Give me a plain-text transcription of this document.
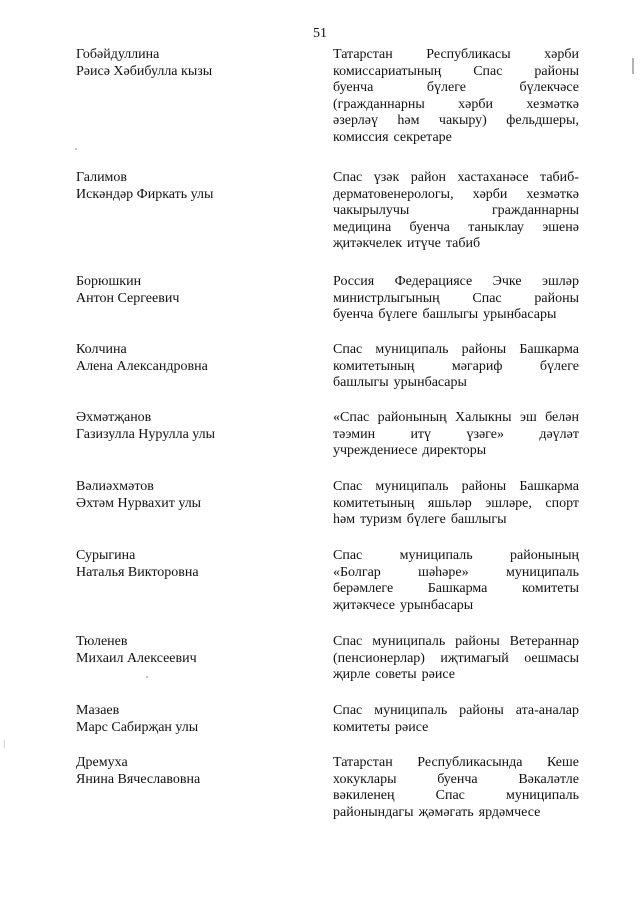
51
Гобәйдуллина
Рәисә Хәбибулла кызы
Татарстан Республикасы хәрби
комиссариатының Спас районы
буенча	бүлеге	бүлекчәсе
(гражданнарны хәрби хезмәткә
әзерләү һәм чакыру) фельдшеры,
комиссия секретаре
Галимов
Искәндәр Фиркать улы
Спас үзәк район хастаханәсе табиб-
дерматовенерологы, хәрби хезмәткә
чакырылучы	гражданнарны
медицина буенча таныклау эшенә
җитәкчелек итүче табиб
Борюшкин
Антон Сергеевич
Россия Федерациясе Эчке эшләр
министрлыгының Спас районы
буенча бүлеге башлыгы урынбасары
Колчина
Алена Александровна
Спас муниципаль районы Башкарма
комитетының	мәгариф	бүлеге
башлыгы урынбасары
Әхмәтҗанов
Газизулла Нурулла улы
«Спас районының Халыкны эш белән
тәэмин	итү	үзәге»	дәүләт
учреждениесе директоры
Вәлиәхмәтов
Әхтәм Нурвахит улы
Спас муниципаль районы Башкарма
комитетының яшьләр эшләре, спорт
һәм туризм бүлеге башлыгы
Сурыгина
Наталья Викторовна
Спас	муниципаль	районының
«Болгар	шәһәре»	муниципаль
берәмлеге Башкарма комитеты
җитәкчесе урынбасары
Тюленев
Михаил Алексеевич
Спас муниципаль районы Ветераннар
(пенсионерлар) иҗтимагый оешмасы
җирле советы рәисе
Мазаев
Марс Сабирҗан улы
Спас муниципаль районы ата-аналар
комитеты рәисе
Дремуха
Янина Вячеславовна
Татарстан Республикасында Кеше
хокуклары	буенча	Вәкаләтле
вәкиленең	Спас	муниципаль
районындагы җәмәгать ярдәмчесе
